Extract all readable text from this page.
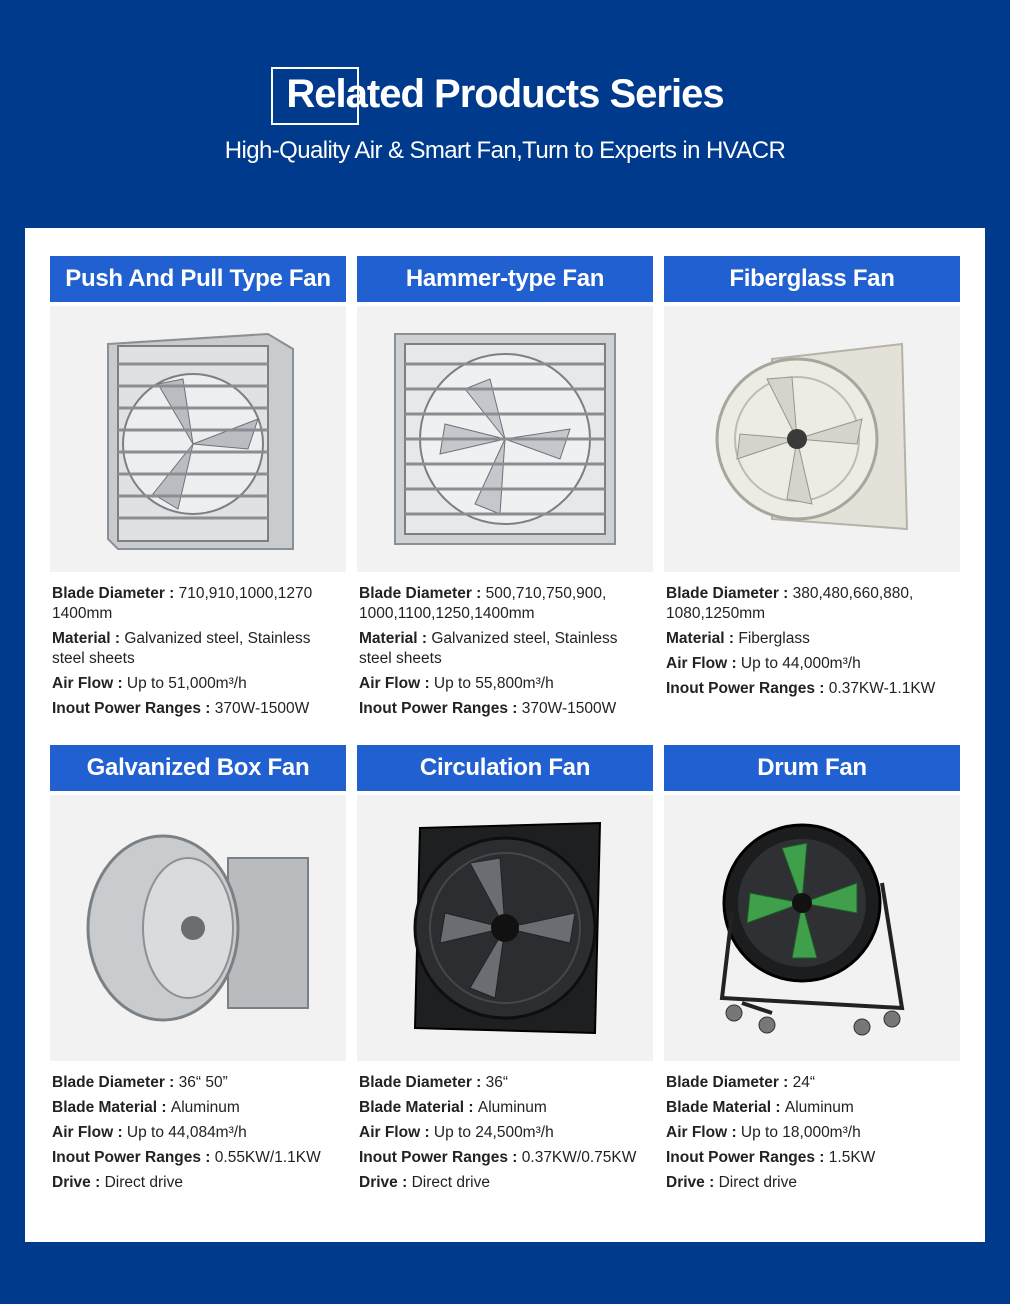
Related Products Series
High-Quality Air & Smart Fan,Turn to Experts in HVACR
Push And Pull Type Fan
Blade Diameter : 710,910,1000,1270 1400mm
Material : Galvanized steel, Stainless steel sheets
Air Flow : Up to 51,000m³/h
Inout Power Ranges : 370W-1500W
Hammer-type Fan
Blade Diameter : 500,710,750,900, 1000,1100,1250,1400mm
Material : Galvanized steel, Stainless steel sheets
Air Flow : Up to 55,800m³/h
Inout Power Ranges : 370W-1500W
Fiberglass Fan
Blade Diameter : 380,480,660,880, 1080,1250mm
Material : Fiberglass
Air Flow : Up to 44,000m³/h
Inout Power Ranges : 0.37KW-1.1KW
Galvanized Box Fan
Blade Diameter : 36“ 50”
Blade Material : Aluminum
Air Flow : Up to 44,084m³/h
Inout Power Ranges : 0.55KW/1.1KW
Drive : Direct drive
Circulation Fan
Blade Diameter : 36“
Blade Material : Aluminum
Air Flow : Up to 24,500m³/h
Inout Power Ranges : 0.37KW/0.75KW
Drive : Direct drive
Drum Fan
Blade Diameter : 24“
Blade Material : Aluminum
Air Flow : Up to 18,000m³/h
Inout Power Ranges : 1.5KW
Drive : Direct drive
